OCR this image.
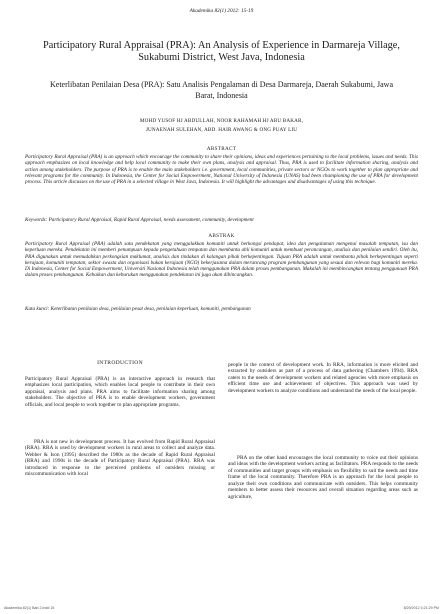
Akademika 82(1) 2012: 15-19
Participatory Rural Appraisal (PRA): An Analysis of Experience in Darmareja Village, Sukabumi District, West Java, Indonesia
Keterlibatan Penilaian Desa (PRA): Satu Analisis Pengalaman di Desa Darmareja, Daerah Sukabumi, Jawa Barat, Indonesia
MOHD YUSOF HJ ABDULLAH, NOOR RAHAMAH HJ ABU BAKAR,
JUNAENAH SULEHAN, ABD. HAIR AWANG & ONG PUAY LIU
ABSTRACT

Participatory Rural Appraisal (PRA) is an approach which encourage the community to share their opinions, ideas and experiences pertaining to the local problems, issues and needs. This approach emphasizes on local knowledge and help local community to make their own plans, analysis and appraisal. Thus, PRA is used to facilitate information sharing, analysis and action among stakeholders. The purpose of PRA is to enable the main stakeholders i.e. government, local communities, private sectors or NGOs to work together to plan appropriate and relevant programs for the community. In Indonesia, the Center for Social Empowerment, National University of Indonesia (UNAS) had been championing the use of PRA for development process. This article discusses on the use of PRA in a selected village in West Java, Indonesia. It will highlight the advantages and disadvantages of using this technique.

Keywords: Participatory Rural Appraisal, Rapid Rural Appraisal, needs assessment, community, development

ABSTRAK

Participatory Rural Appraisal (PRA) adalah satu pendekatan yang menggalakkan komuniti untuk berkongsi pendapat, idea dan pengalaman mengenai masalah tempatan, isu dan keperluan mereka. Pendekatan ini memberi penumpuan kepada pengetahuan tempatan dan membantu ahli komuniti untuk membuat perancangan, analisis dan penilaian sendiri. Oleh itu, PRA digunakan untuk memudahkan perkongsian maklumat, analisis dan tindakan di kalangan pihak berkepentingan. Tujuan PRA adalah untuk membantu pihak berkepentingan seperti kerajaan, komuniti tempatan, sektor swasta dan organisasi bukan kerajaan (NGO) bekerjasama dalam merancang program pembangunan yang sesuai dan relevan bagi komuniti mereka. Di Indonesia, Center for Social Empowerment, Universiti Nasional Indonesia telah menggunakan PRA dalam proses pembangunan. Makalah ini membincangkan tentang penggunaan PRA dalam proses pembangunan. Kebaikan dan keburukan menggunakan pendekatan ini juga akan dibincangkan.

Kata kunci: Keterlibatan penilaian desa, penilaian pesat desa, penilaian keperluan, komuniti, pembangunan

INTRODUCTION

Participatory Rural Appraisal (PRA) is an interactive approach in research that emphasizes local participation, which enables local people to contribute in their own appraisal, analysis and plans. PRA aims to facilitate information sharing among stakeholders. The objective of PRA is to enable development workers, government officials, and local people to work together to plan appropriate programs.

PRA is not new in development process. It has evolved from Rapid Rural Appraisal (RRA). RRA is used by development workers in rural areas to collect and analyze data. Webber & Ison (1995) described the 1980s as the decade of Rapid Rural Appraisal (RRA) and 1990s is the decade of Participatory Rural Appraisal (PRA). RRA was introduced in response to the perceived problems of outsiders missing or miscommunication with local

people in the context of development work. In RRA, information is more elicited and extracted by outsiders as part of a process of data gathering (Chambers 1994). RRA caters to the needs of development workers and related agencies with more emphasis on efficient time use and achievement of objectives. This approach was used by development workers to analyze conditions and understand the needs of the local people.

PRA on the other hand encourages the local community to voice out their opinions and ideas with the development workers acting as facilitators. PRA responds to the needs of communities and target groups with emphasis on flexibility to suit the needs and time frame of the local community. Therefore PRA is an approach for the local people to analyze their own conditions and communicate with outsiders. This helps community members to better assess their resources and overall situation regarding areas such as agriculture,

Akademika 82(1) Bab 2.indd 15	8/29/2012 4:21:29 PM
